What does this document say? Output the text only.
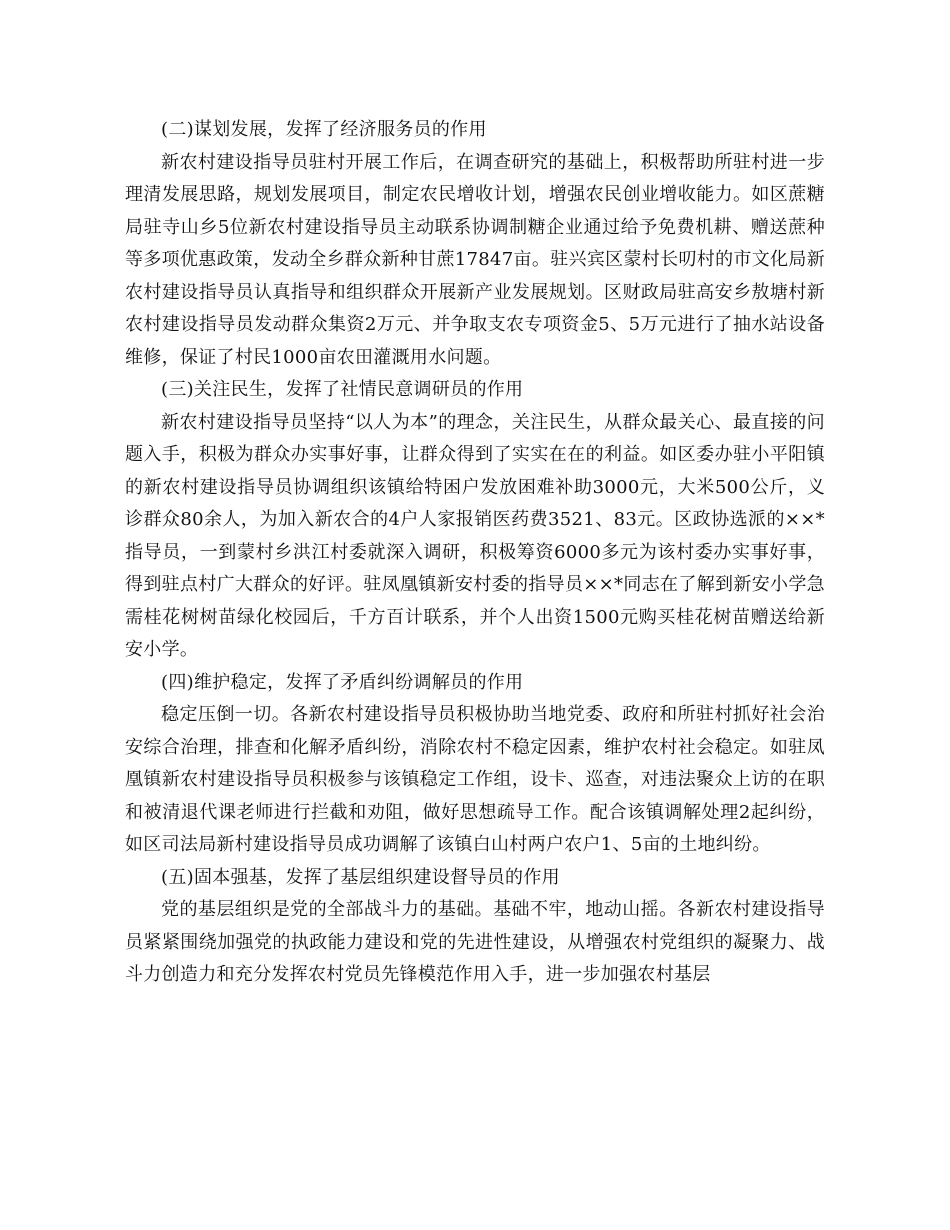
(二)谋划发展，发挥了经济服务员的作用

新农村建设指导员驻村开展工作后，在调查研究的基础上，积极帮助所驻村进一步理清发展思路，规划发展项目，制定农民增收计划，增强农民创业增收能力。如区蔗糖局驻寺山乡5位新农村建设指导员主动联系协调制糖企业通过给予免费机耕、赠送蔗种等多项优惠政策，发动全乡群众新种甘蔗17847亩。驻兴宾区蒙村长叨村的市文化局新农村建设指导员认真指导和组织群众开展新产业发展规划。区财政局驻高安乡敖塘村新农村建设指导员发动群众集资2万元、并争取支农专项资金5、5万元进行了抽水站设备维修，保证了村民1000亩农田灌溉用水问题。

(三)关注民生，发挥了社情民意调研员的作用

新农村建设指导员坚持“以人为本”的理念，关注民生，从群众最关心、最直接的问题入手，积极为群众办实事好事，让群众得到了实实在在的利益。如区委办驻小平阳镇的新农村建设指导员协调组织该镇给特困户发放困难补助3000元，大米500公斤，义诊群众80余人，为加入新农合的4户人家报销医药费3521、83元。区政协选派的××*指导员，一到蒙村乡洪江村委就深入调研，积极筹资6000多元为该村委办实事好事，得到驻点村广大群众的好评。驻凤凰镇新安村委的指导员××*同志在了解到新安小学急需桂花树树苗绿化校园后，千方百计联系，并个人出资1500元购买桂花树苗赠送给新安小学。

(四)维护稳定，发挥了矛盾纠纷调解员的作用

稳定压倒一切。各新农村建设指导员积极协助当地党委、政府和所驻村抓好社会治安综合治理，排查和化解矛盾纠纷，消除农村不稳定因素，维护农村社会稳定。如驻凤凰镇新农村建设指导员积极参与该镇稳定工作组，设卡、巡查，对违法聚众上访的在职和被清退代课老师进行拦截和劝阻，做好思想疏导工作。配合该镇调解处理2起纠纷，如区司法局新村建设指导员成功调解了该镇白山村两户农户1、5亩的土地纠纷。

(五)固本强基，发挥了基层组织建设督导员的作用

党的基层组织是党的全部战斗力的基础。基础不牢，地动山摇。各新农村建设指导员紧紧围绕加强党的执政能力建设和党的先进性建设，从增强农村党组织的凝聚力、战斗力创造力和充分发挥农村党员先锋模范作用入手，进一步加强农村基层
